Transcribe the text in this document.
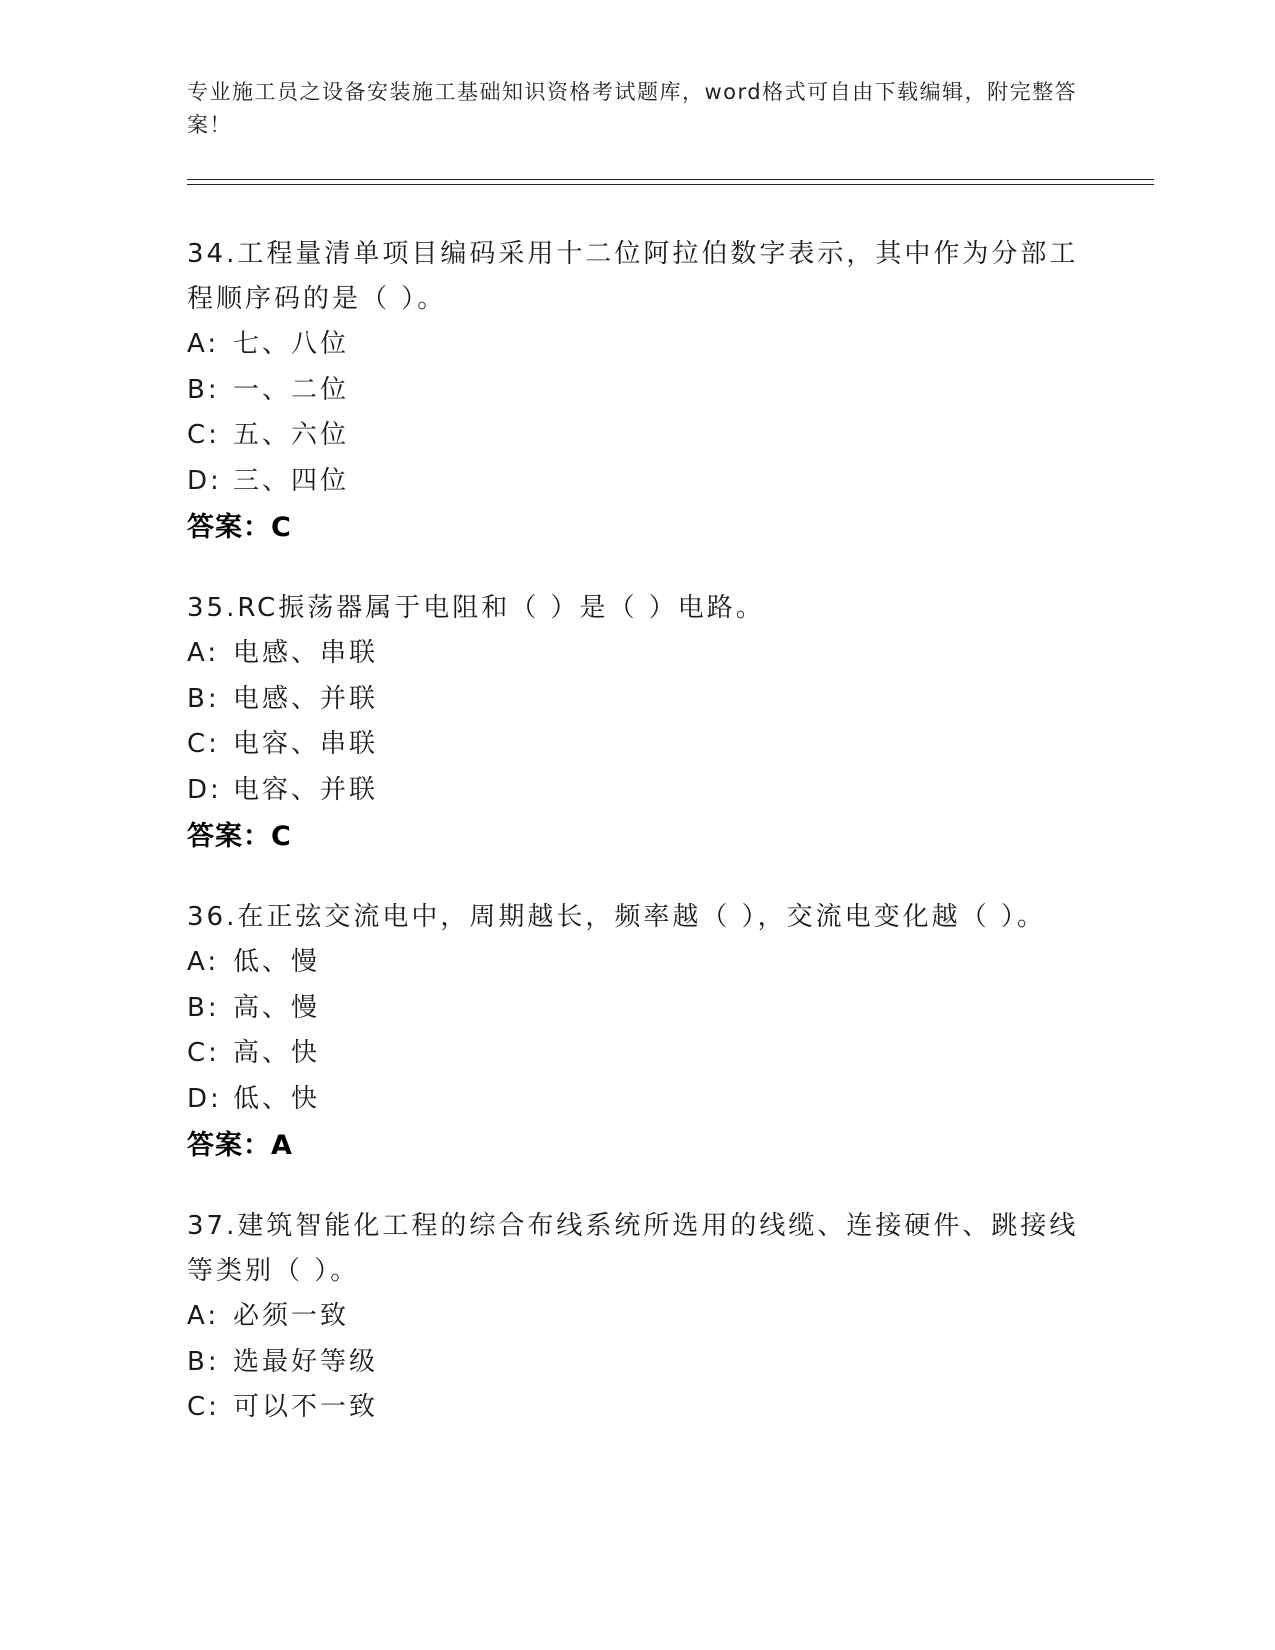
专业施工员之设备安装施工基础知识资格考试题库，word格式可自由下载编辑，附完整答案！

34.工程量清单项目编码采用十二位阿拉伯数字表示，其中作为分部工程顺序码的是（ ）。

A: 七、八位

B: 一、二位

C: 五、六位

D: 三、四位

答案：C

35.RC振荡器属于电阻和（ ）是（ ）电路。

A: 电感、串联

B: 电感、并联

C: 电容、串联

D: 电容、并联

答案：C

36.在正弦交流电中，周期越长，频率越（ ），交流电变化越（ ）。

A: 低、慢

B: 高、慢

C: 高、快

D: 低、快

答案：A

37.建筑智能化工程的综合布线系统所选用的线缆、连接硬件、跳接线等类别（ ）。

A: 必须一致

B: 选最好等级

C: 可以不一致
